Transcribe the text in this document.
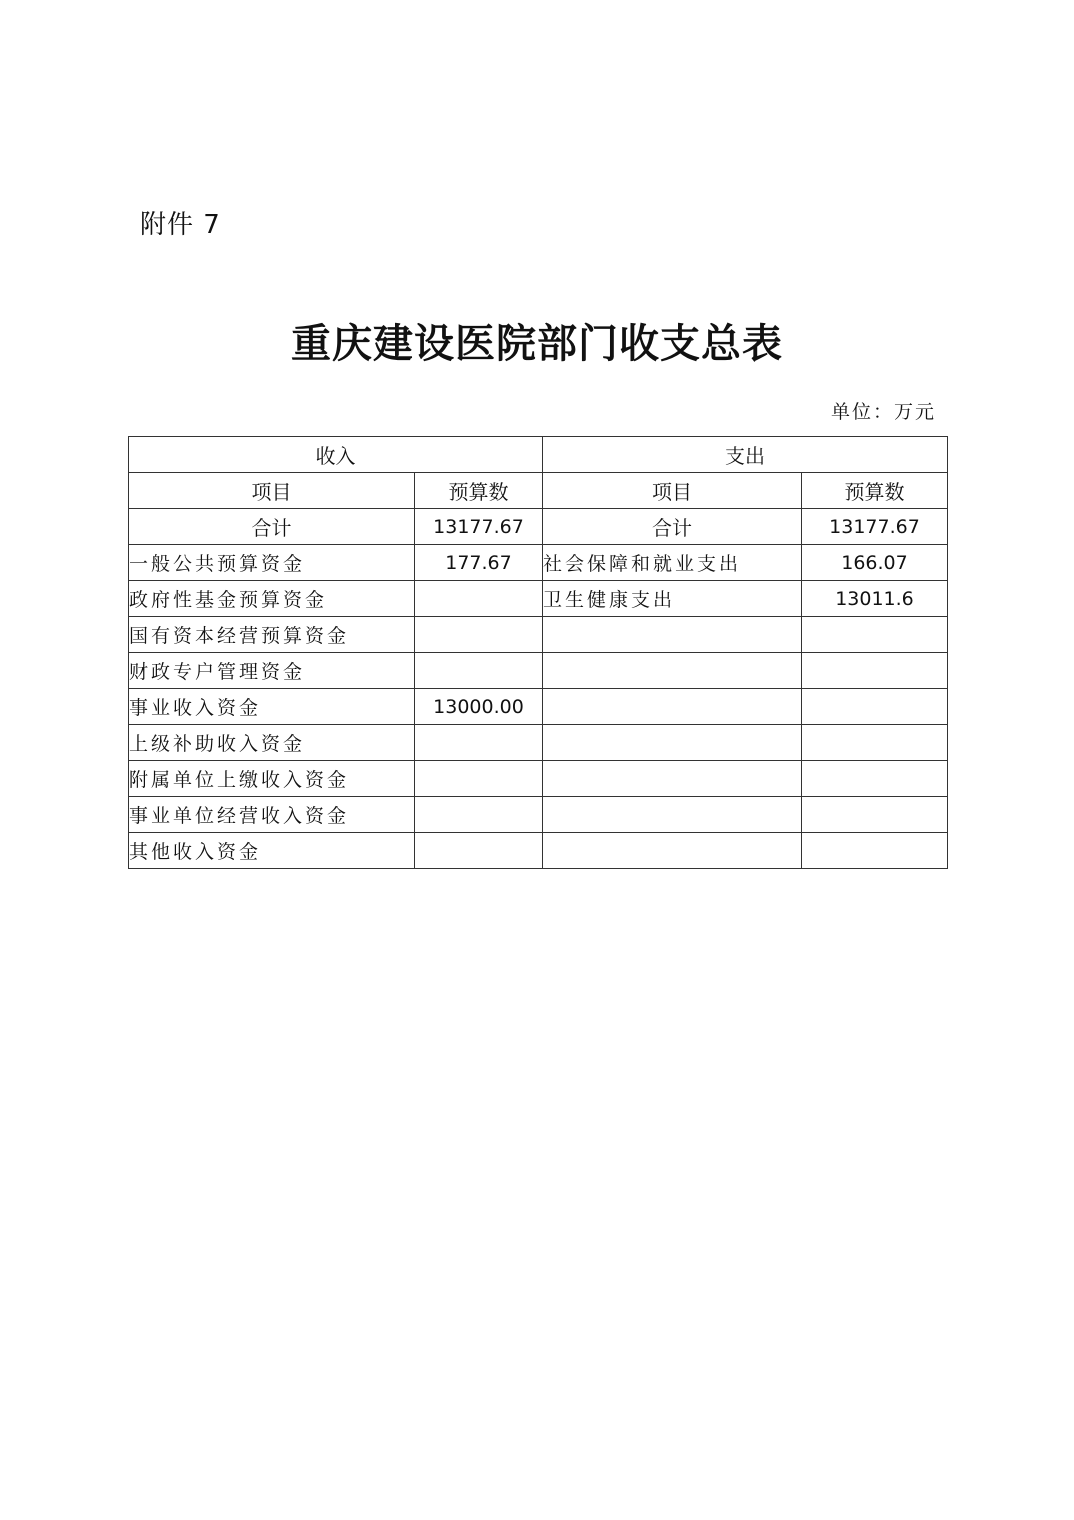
附件 7
重庆建设医院部门收支总表
单位：万元
收入		支出	
项目	预算数	项目	预算数
合计	13177.67	合计	13177.67
一般公共预算资金	177.67	社会保障和就业支出	166.07
政府性基金预算资金		卫生健康支出	13011.6
国有资本经营预算资金			
财政专户管理资金			
事业收入资金	13000.00		
上级补助收入资金			
附属单位上缴收入资金			
事业单位经营收入资金			
其他收入资金			
